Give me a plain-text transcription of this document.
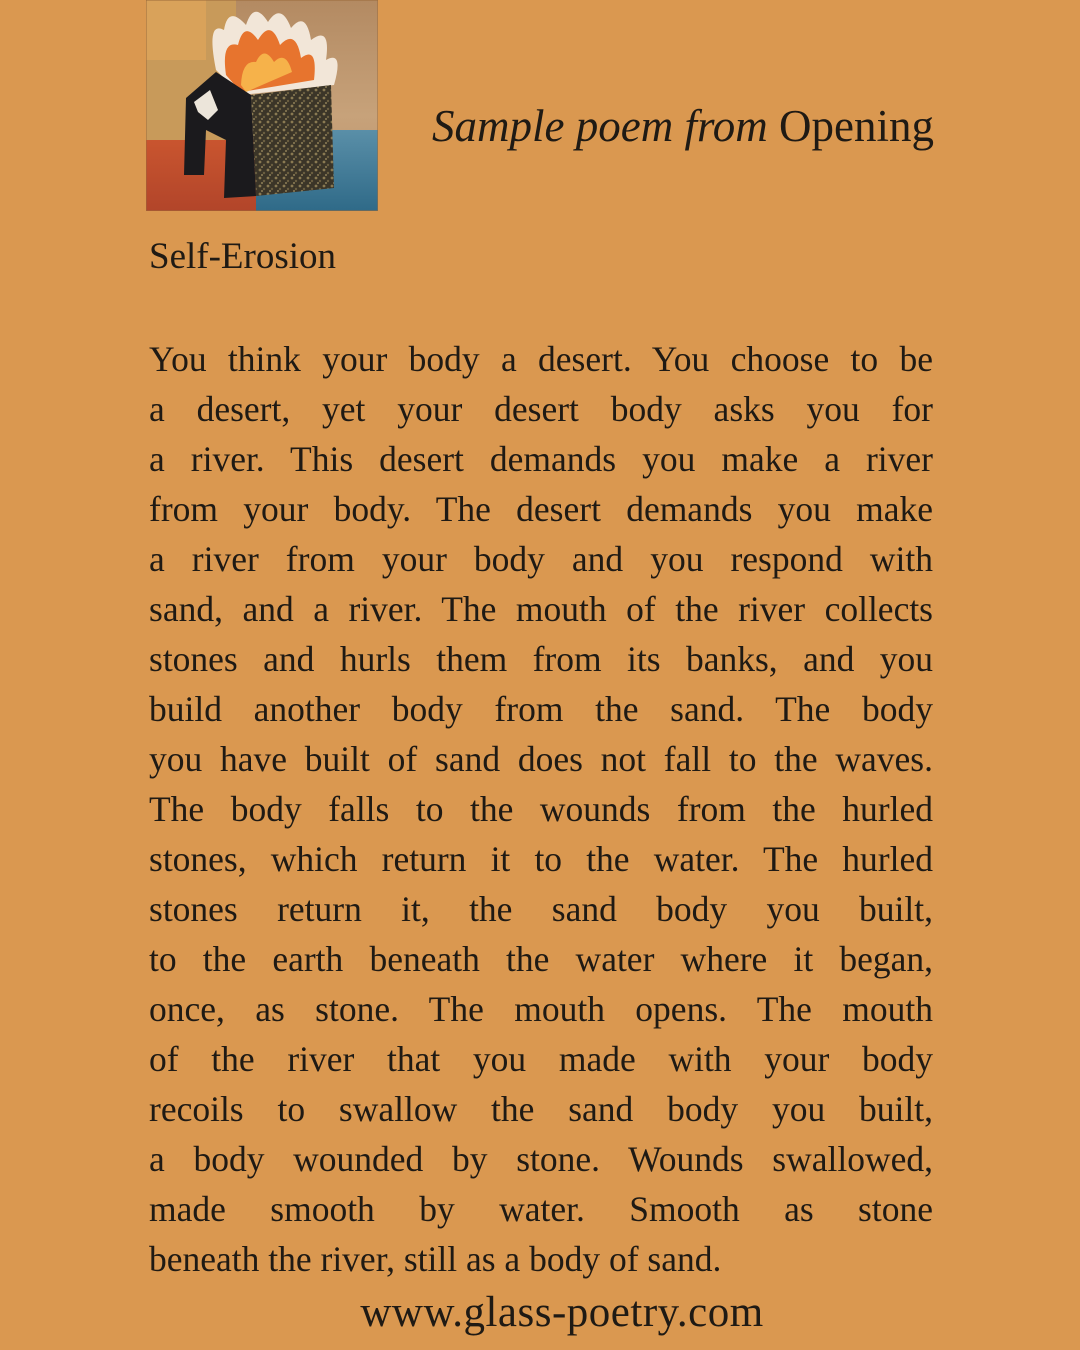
Sample poem from Opening
Self-Erosion
You think your body a desert. You choose to be
a desert, yet your desert body asks you for
a river. This desert demands you make a river
from your body. The desert demands you make
a river from your body and you respond with
sand, and a river. The mouth of the river collects
stones and hurls them from its banks, and you
build another body from the sand. The body
you have built of sand does not fall to the waves.
The body falls to the wounds from the hurled
stones, which return it to the water. The hurled
stones return it, the sand body you built,
to the earth beneath the water where it began,
once, as stone. The mouth opens. The mouth
of the river that you made with your body
recoils to swallow the sand body you built,
a body wounded by stone. Wounds swallowed,
made smooth by water. Smooth as stone
beneath the river, still as a body of sand.
www.glass-poetry.com
